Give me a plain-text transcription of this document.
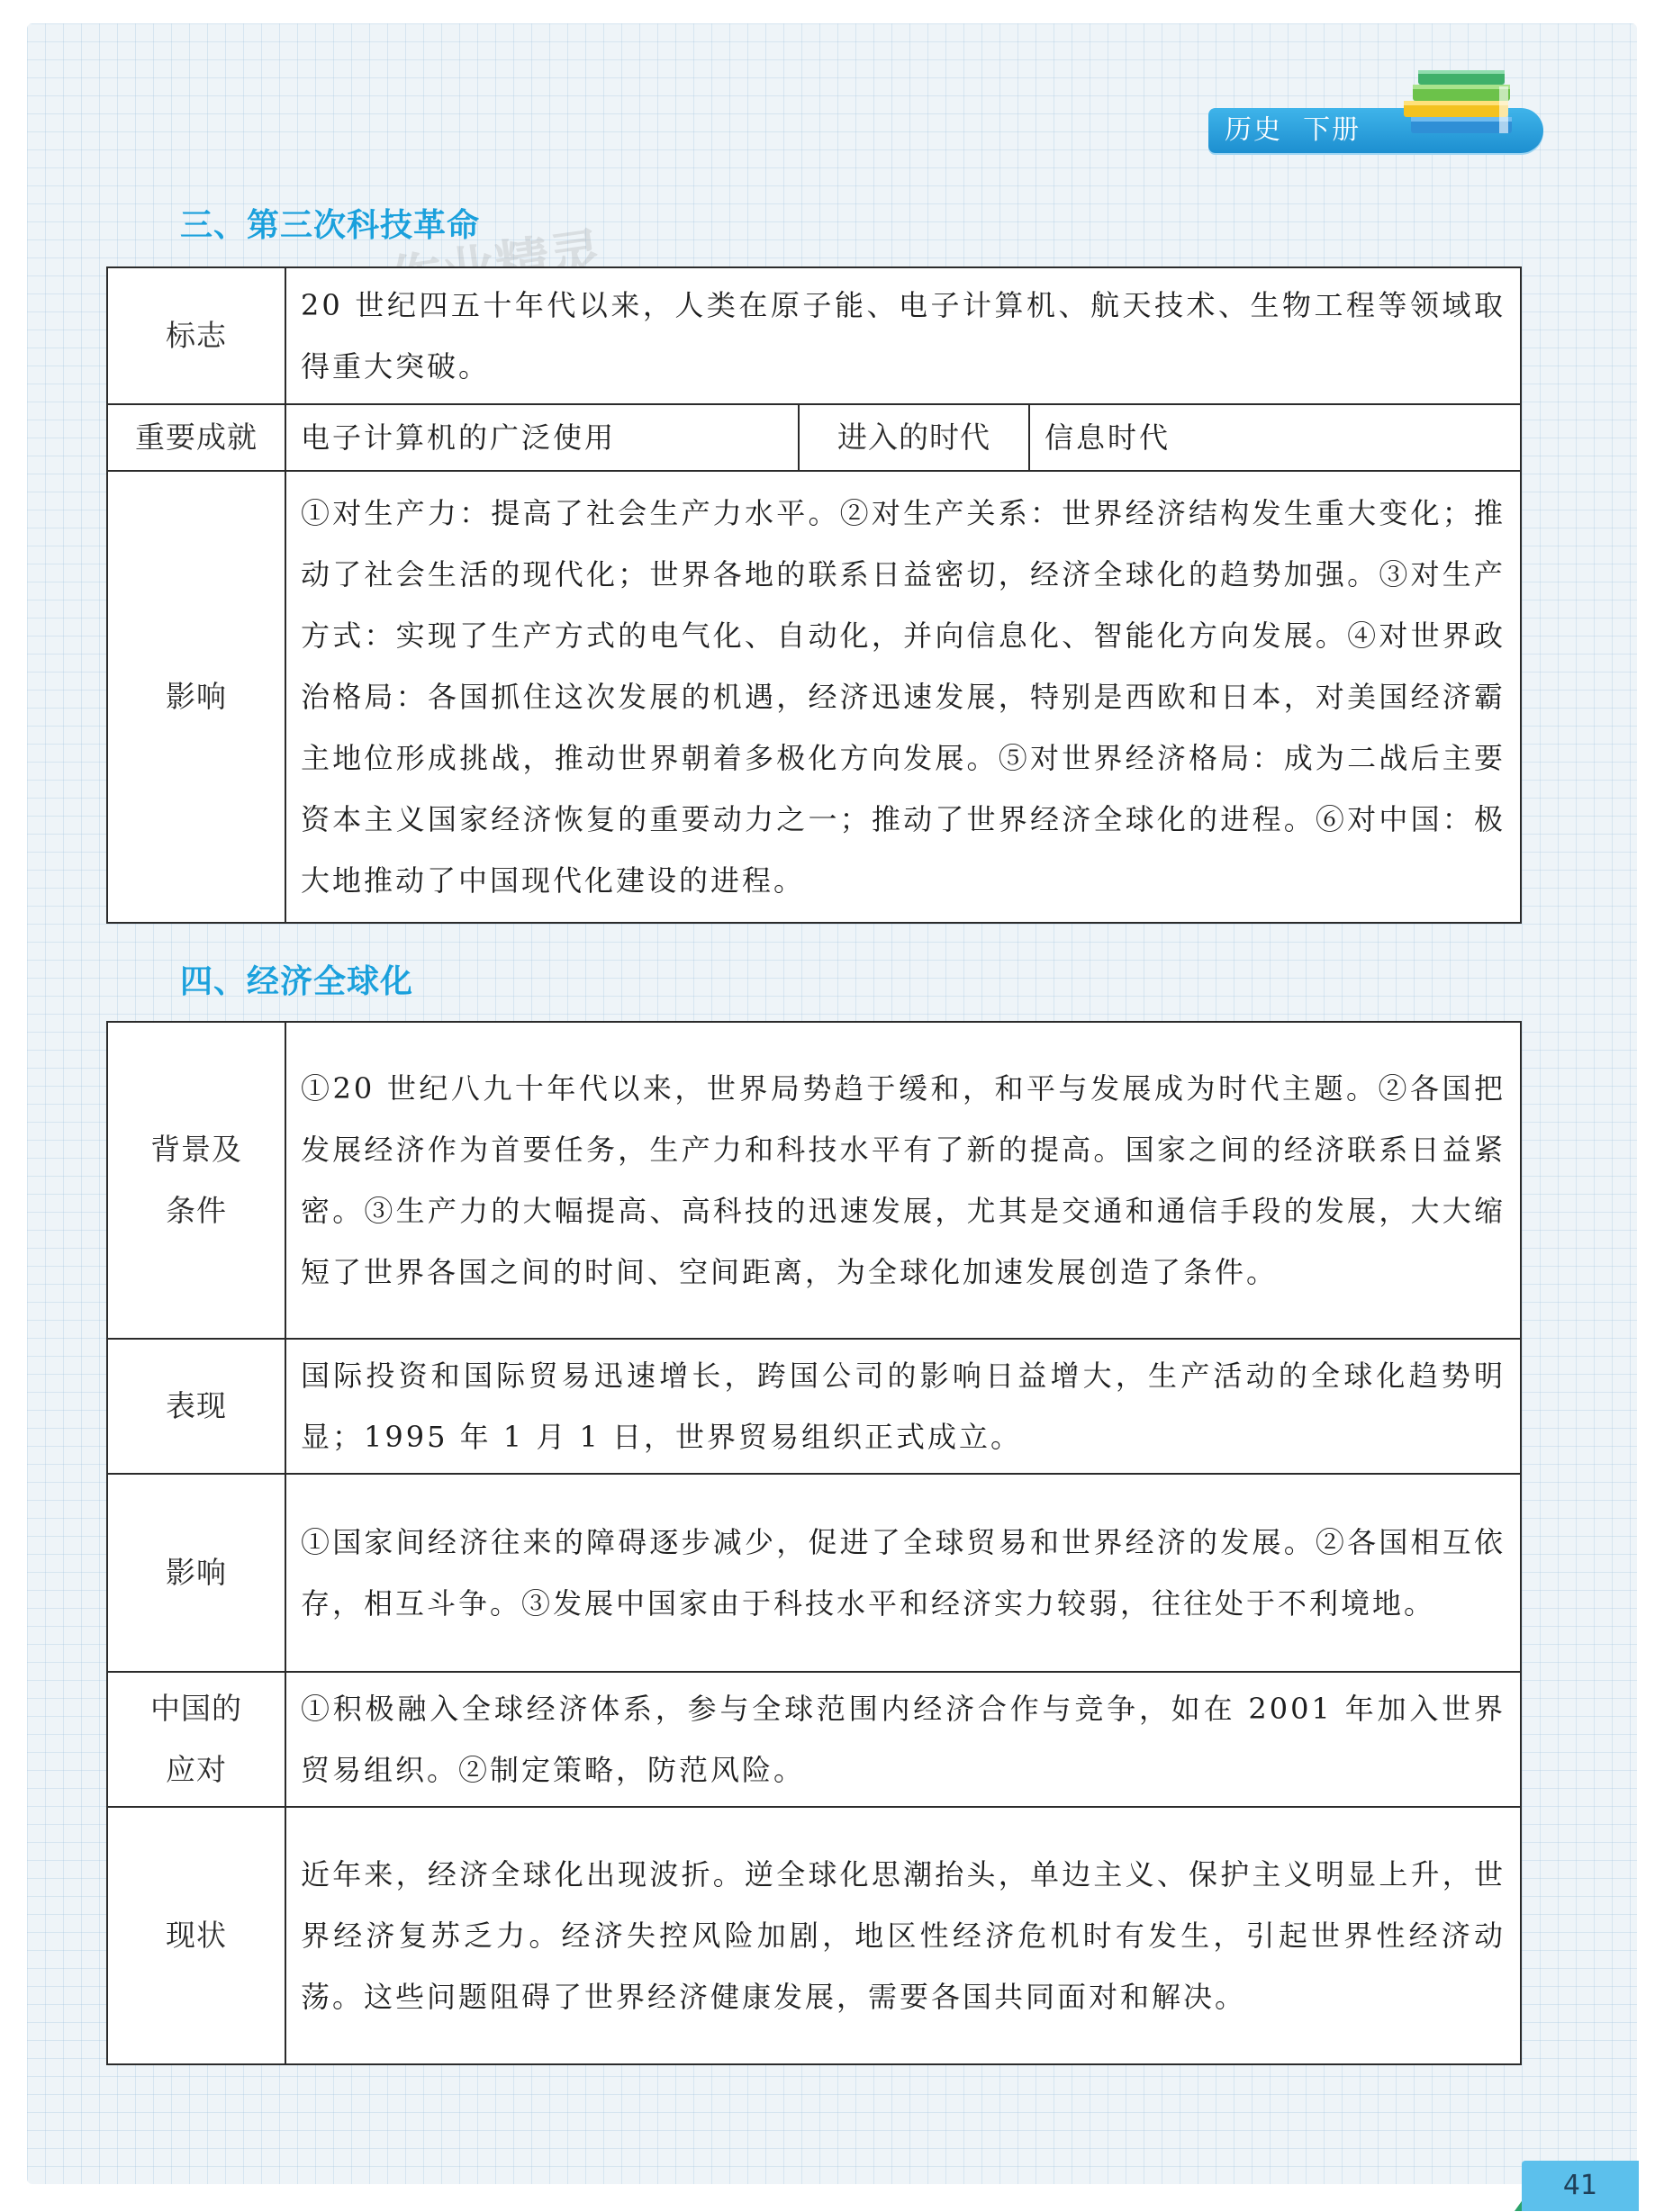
历史  下册
三、第三次科技革命
标志	20 世纪四五十年代以来，人类在原子能、电子计算机、航天技术、生物工程等领域取得重大突破。		
重要成就	电子计算机的广泛使用	进入的时代	信息时代
影响	①对生产力：提高了社会生产力水平。②对生产关系：世界经济结构发生重大变化；推动了社会生活的现代化；世界各地的联系日益密切，经济全球化的趋势加强。③对生产方式：实现了生产方式的电气化、自动化，并向信息化、智能化方向发展。④对世界政治格局：各国抓住这次发展的机遇，经济迅速发展，特别是西欧和日本，对美国经济霸主地位形成挑战，推动世界朝着多极化方向发展。⑤对世界经济格局：成为二战后主要资本主义国家经济恢复的重要动力之一；推动了世界经济全球化的进程。⑥对中国：极大地推动了中国现代化建设的进程。		
四、经济全球化
背景及条件	①20 世纪八九十年代以来，世界局势趋于缓和，和平与发展成为时代主题。②各国把发展经济作为首要任务，生产力和科技水平有了新的提高。国家之间的经济联系日益紧密。③生产力的大幅提高、高科技的迅速发展，尤其是交通和通信手段的发展，大大缩短了世界各国之间的时间、空间距离，为全球化加速发展创造了条件。
表现	国际投资和国际贸易迅速增长，跨国公司的影响日益增大，生产活动的全球化趋势明显；1995 年 1 月 1 日，世界贸易组织正式成立。
影响	①国家间经济往来的障碍逐步减少，促进了全球贸易和世界经济的发展。②各国相互依存，相互斗争。③发展中国家由于科技水平和经济实力较弱，往往处于不利境地。
中国的应对	①积极融入全球经济体系，参与全球范围内经济合作与竞争，如在 2001 年加入世界贸易组织。②制定策略，防范风险。
现状	近年来，经济全球化出现波折。逆全球化思潮抬头，单边主义、保护主义明显上升，世界经济复苏乏力。经济失控风险加剧，地区性经济危机时有发生，引起世界性经济动荡。这些问题阻碍了世界经济健康发展，需要各国共同面对和解决。
41
